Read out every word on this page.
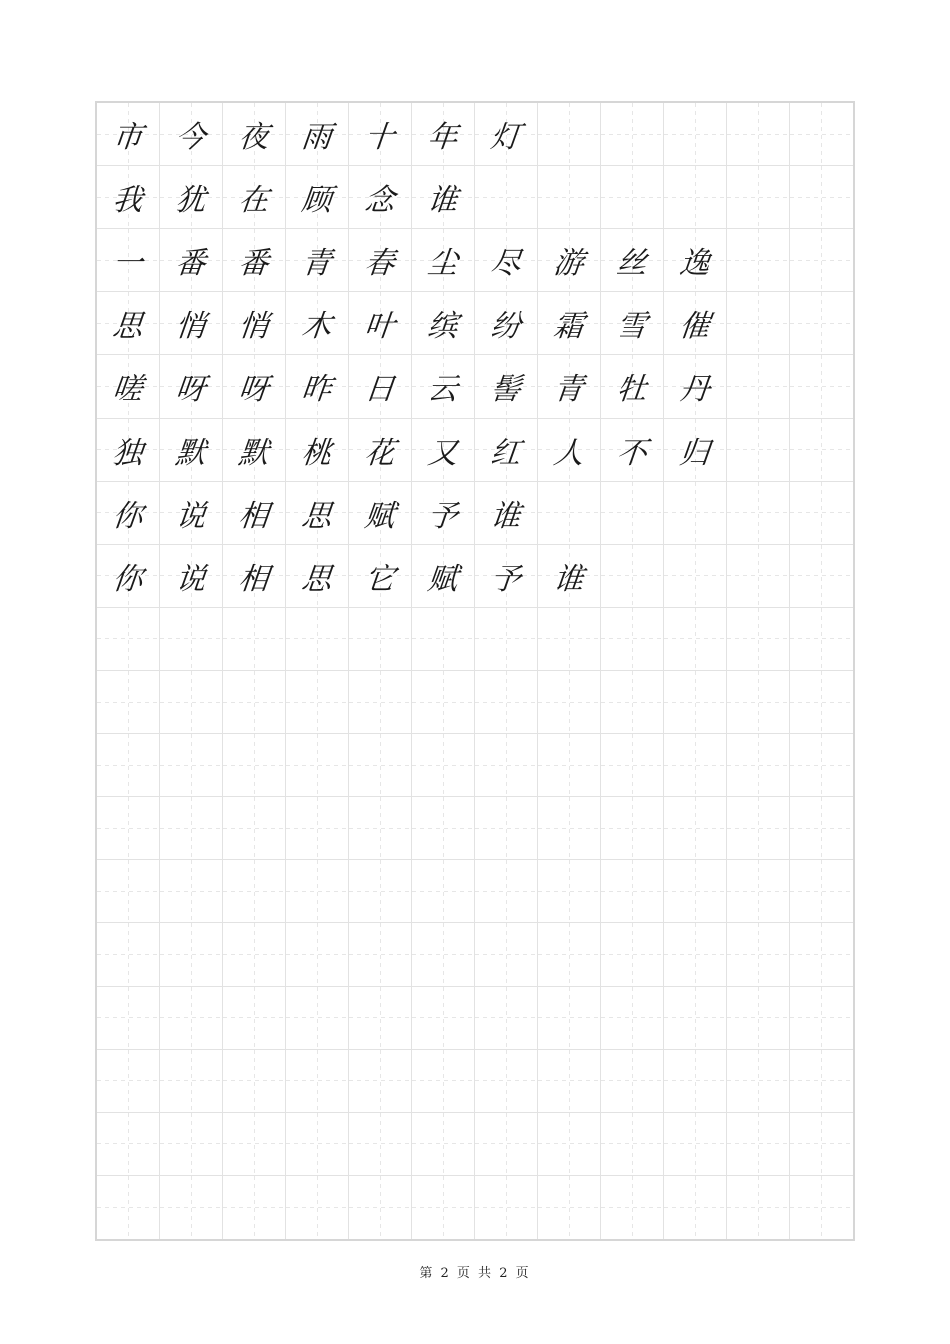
市 今 夜 雨 十 年 灯
我 犹 在 顾 念 谁
一 番 番 青 春 尘 尽 游 丝 逸
思 悄 悄 木 叶 缤 纷 霜 雪 催
嗟 呀 呀 昨 日 云 髻 青 牡 丹
独 默 默 桃 花 又 红 人 不 归
你 说 相 思 赋 予 谁
你 说 相 思 它 赋 予 谁
第 2 页 共 2 页
